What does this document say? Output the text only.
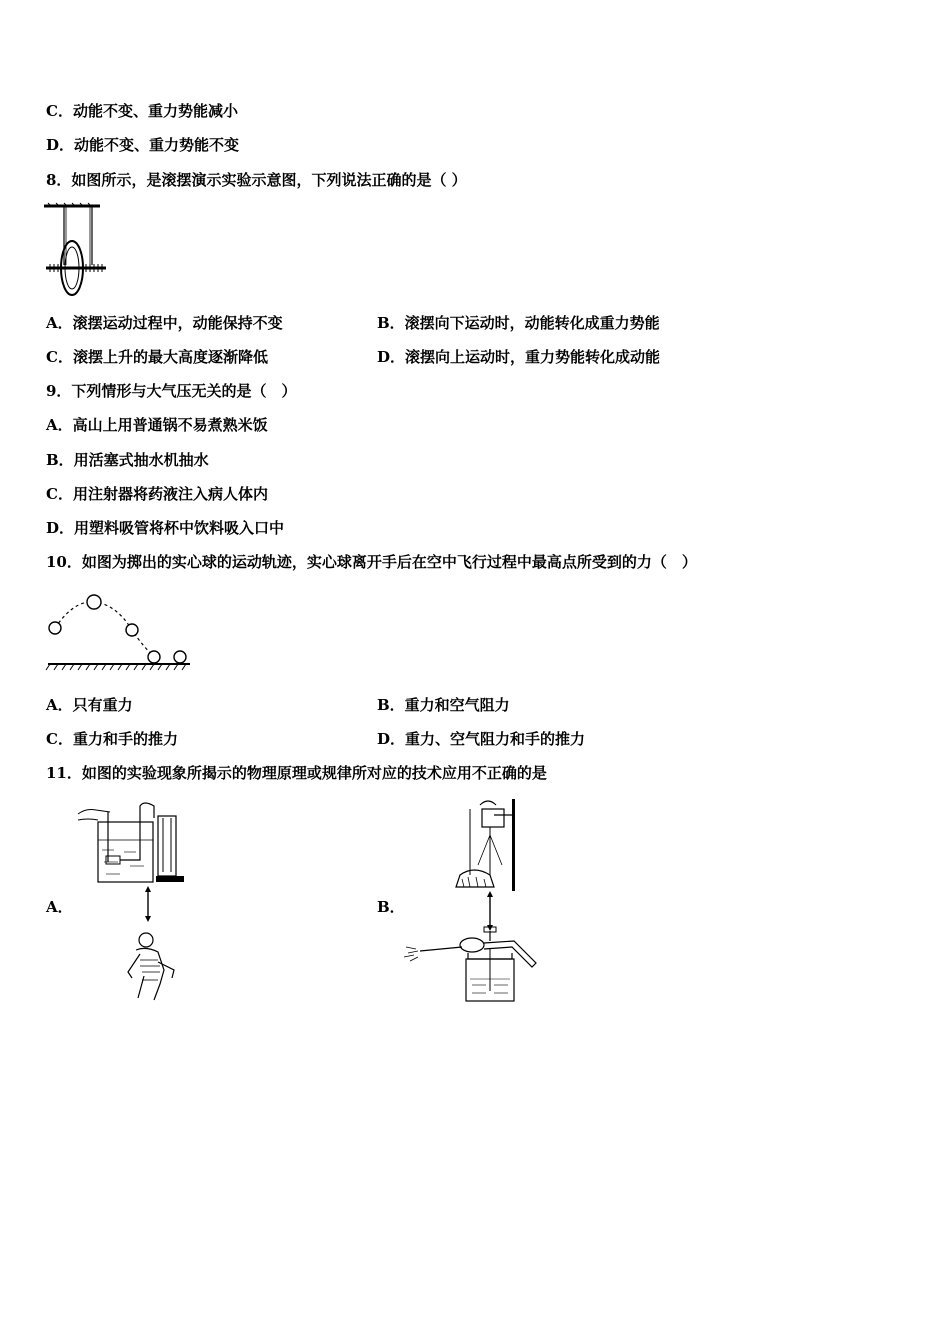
C．动能不变、重力势能减小
D．动能不变、重力势能不变
8．如图所示，是滚摆演示实验示意图，下列说法正确的是（ ）
A．滚摆运动过程中，动能保持不变	B．滚摆向下运动时，动能转化成重力势能
C．滚摆上升的最大高度逐渐降低	D．滚摆向上运动时，重力势能转化成动能
9．下列情形与大气压无关的是（　）
A．高山上用普通锅不易煮熟米饭
B．用活塞式抽水机抽水
C．用注射器将药液注入病人体内
D．用塑料吸管将杯中饮料吸入口中
10．如图为掷出的实心球的运动轨迹，实心球离开手后在空中飞行过程中最高点所受到的力（　）
A．只有重力	B．重力和空气阻力
C．重力和手的推力	D．重力、空气阻力和手的推力
11．如图的实验现象所揭示的物理原理或规律所对应的技术应用不正确的是
A．	B．
